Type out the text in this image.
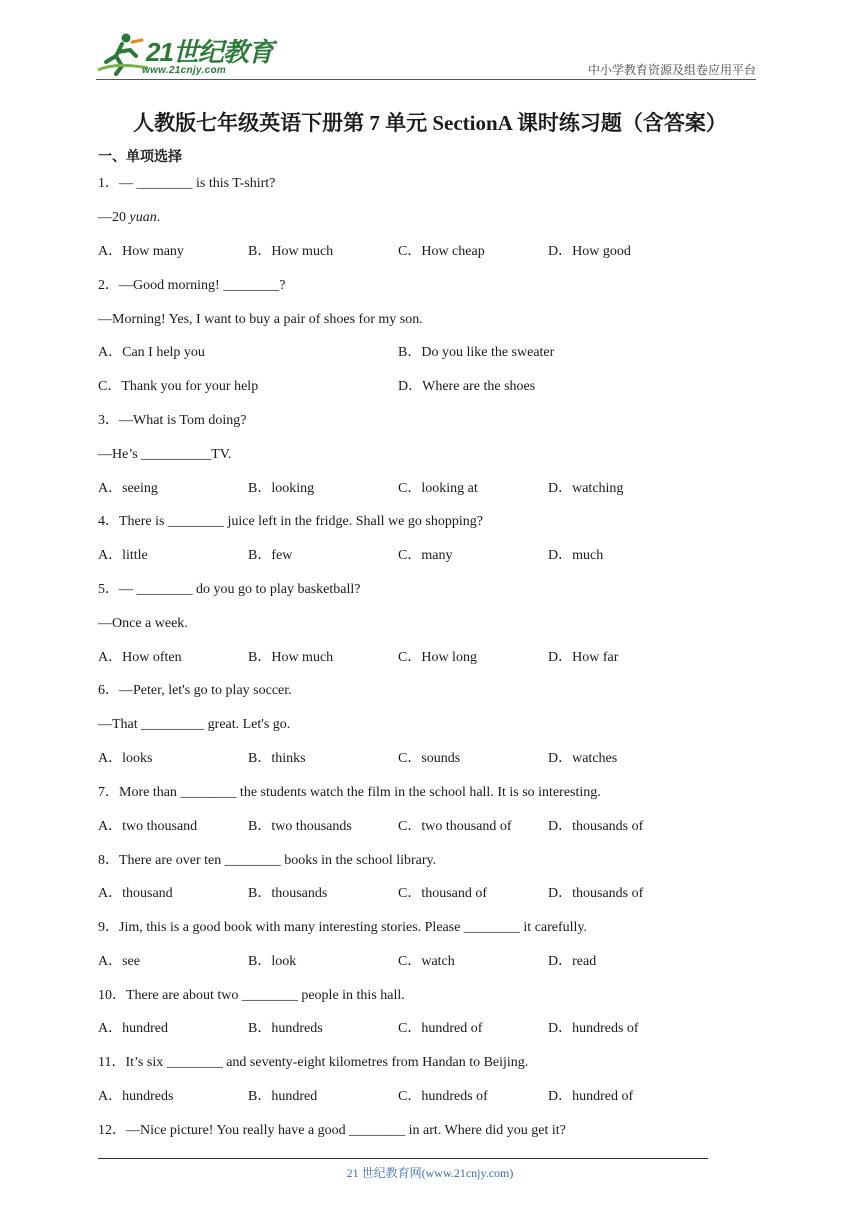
21世纪教育
www.21cnjy.com	中小学教育资源及组卷应用平台
人教版七年级英语下册第 7 单元 SectionA 课时练习题（含答案）
一、单项选择
1．— ________ is this T-shirt?
—20 yuan.
A．How many	B．How much	C．How cheap	D．How good
2．—Good morning! ________?
—Morning! Yes, I want to buy a pair of shoes for my son.
A．Can I help you	B．Do you like the sweater
C．Thank you for your help	D．Where are the shoes
3．—What is Tom doing?
—He’s __________TV.
A．seeing	B．looking	C．looking at	D．watching
4．There is ________ juice left in the fridge. Shall we go shopping?
A．little	B．few	C．many	D．much
5．— ________ do you go to play basketball?
—Once a week.
A．How often	B．How much	C．How long	D．How far
6．—Peter, let's go to play soccer.
—That _________ great. Let's go.
A．looks	B．thinks	C．sounds	D．watches
7．More than ________ the students watch the film in the school hall. It is so interesting.
A．two thousand	B．two thousands	C．two thousand of	D．thousands of
8．There are over ten ________ books in the school library.
A．thousand	B．thousands	C．thousand of	D．thousands of
9．Jim, this is a good book with many interesting stories. Please ________ it carefully.
A．see	B．look	C．watch	D．read
10．There are about two ________ people in this hall.
A．hundred	B．hundreds	C．hundred of	D．hundreds of
11．It’s six ________ and seventy-eight kilometres from Handan to Beijing.
A．hundreds	B．hundred	C．hundreds of	D．hundred of
12．—Nice picture! You really have a good ________ in art. Where did you get it?
21 世纪教育网(www.21cnjy.com)
